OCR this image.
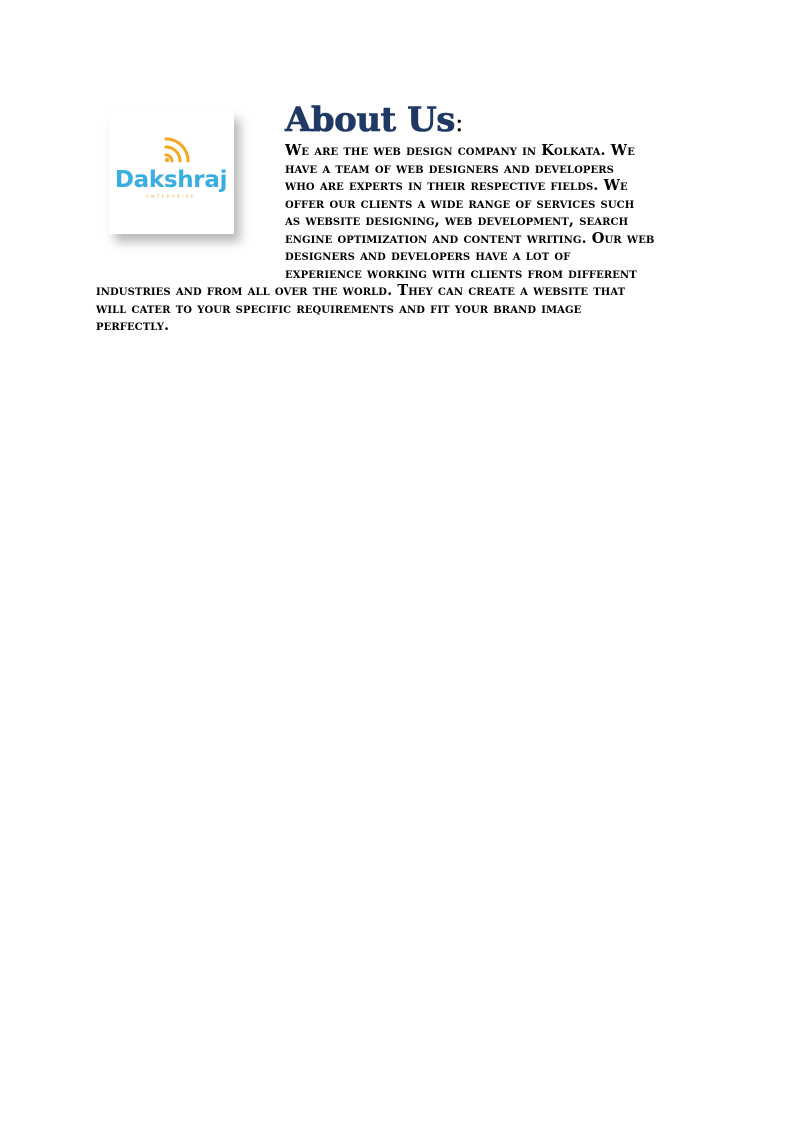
Dakshraj
ENTERPRISE
About Us:
We are the web design company in Kolkata. We
have a team of web designers and developers
who are experts in their respective fields. We
offer our clients a wide range of services such
as website designing, web development, search
engine optimization and content writing. Our web
designers and developers have a lot of
experience working with clients from different
industries and from all over the world. They can create a website that
will cater to your specific requirements and fit your brand image
perfectly.
